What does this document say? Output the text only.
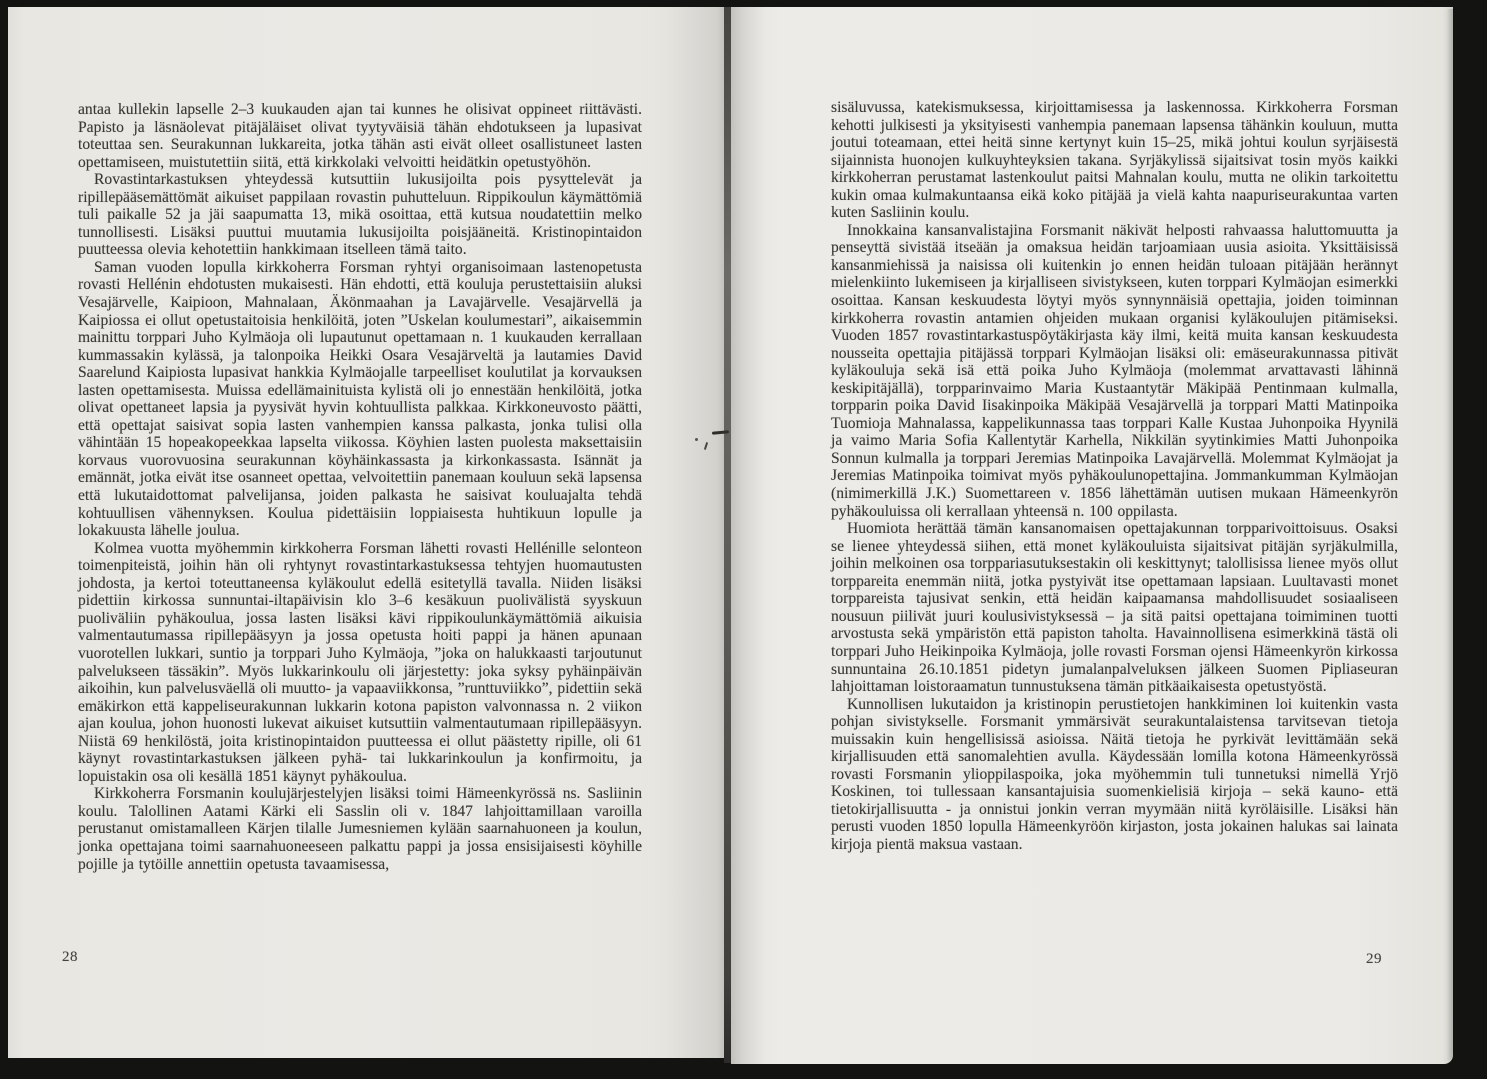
antaa kullekin lapselle 2–3 kuukauden ajan tai kunnes he olisivat oppineet riittävästi. Papisto ja läsnäolevat pitäjäläiset olivat tyytyväisiä tähän ehdotukseen ja lupasivat toteuttaa sen. Seurakunnan lukkareita, jotka tähän asti eivät olleet osallistuneet lasten opettamiseen, muistutettiin siitä, että kirkkolaki velvoitti heidätkin opetustyöhön.

Rovastintarkastuksen yhteydessä kutsuttiin lukusijoilta pois pysyttelevät ja ripillepääsemättömät aikuiset pappilaan rovastin puhutteluun. Rippikoulun käymättömiä tuli paikalle 52 ja jäi saapumatta 13, mikä osoittaa, että kutsua noudatettiin melko tunnollisesti. Lisäksi puuttui muutamia lukusijoilta poisjääneitä. Kristinopintaidon puutteessa olevia kehotettiin hankkimaan itselleen tämä taito.

Saman vuoden lopulla kirkkoherra Forsman ryhtyi organisoimaan lastenopetusta rovasti Hellénin ehdotusten mukaisesti. Hän ehdotti, että kouluja perustettaisiin aluksi Vesajärvelle, Kaipioon, Mahnalaan, Äkönmaahan ja Lavajärvelle. Vesajärvellä ja Kaipiossa ei ollut opetustaitoisia henkilöitä, joten ”Uskelan koulumestari”, aikaisemmin mainittu torppari Juho Kylmäoja oli lupautunut opettamaan n. 1 kuukauden kerrallaan kummassakin kylässä, ja talonpoika Heikki Osara Vesajärveltä ja lautamies David Saarelund Kaipiosta lupasivat hankkia Kylmäojalle tarpeelliset koulutilat ja korvauksen lasten opettamisesta. Muissa edellämainituista kylistä oli jo ennestään henkilöitä, jotka olivat opettaneet lapsia ja pyysivät hyvin kohtuullista palkkaa. Kirkkoneuvosto päätti, että opettajat saisivat sopia lasten vanhempien kanssa palkasta, jonka tulisi olla vähintään 15 hopeakopeekkaa lapselta viikossa. Köyhien lasten puolesta maksettaisiin korvaus vuorovuosina seurakunnan köyhäinkassasta ja kirkonkassasta. Isännät ja emännät, jotka eivät itse osanneet opettaa, velvoitettiin panemaan kouluun sekä lapsensa että lukutaidottomat palvelijansa, joiden palkasta he saisivat kouluajalta tehdä kohtuullisen vähennyksen. Koulua pidettäisiin loppiaisesta huhtikuun lopulle ja lokakuusta lähelle joulua.

Kolmea vuotta myöhemmin kirkkoherra Forsman lähetti rovasti Hellénille selonteon toimenpiteistä, joihin hän oli ryhtynyt rovastintarkastuksessa tehtyjen huomautusten johdosta, ja kertoi toteuttaneensa kyläkoulut edellä esitetyllä tavalla. Niiden lisäksi pidettiin kirkossa sunnuntai-iltapäivisin klo 3–6 kesäkuun puolivälistä syyskuun puoliväliin pyhäkoulua, jossa lasten lisäksi kävi rippikoulunkäymättömiä aikuisia valmentautumassa ripillepääsyyn ja jossa opetusta hoiti pappi ja hänen apunaan vuorotellen lukkari, suntio ja torppari Juho Kylmäoja, ”joka on halukkaasti tarjoutunut palvelukseen tässäkin”. Myös lukkarinkoulu oli järjestetty: joka syksy pyhäinpäivän aikoihin, kun palvelusväellä oli muutto- ja vapaaviikkonsa, ”runttuviikko”, pidettiin sekä emäkirkon että kappeliseurakunnan lukkarin kotona papiston valvonnassa n. 2 viikon ajan koulua, johon huonosti lukevat aikuiset kutsuttiin valmentautumaan ripillepääsyyn. Niistä 69 henkilöstä, joita kristinopintaidon puutteessa ei ollut päästetty ripille, oli 61 käynyt rovastintarkastuksen jälkeen pyhä- tai lukkarinkoulun ja konfirmoitu, ja lopuistakin osa oli kesällä 1851 käynyt pyhäkoulua.

Kirkkoherra Forsmanin koulujärjestelyjen lisäksi toimi Hämeenkyrössä ns. Sasliinin koulu. Talollinen Aatami Kärki eli Sasslin oli v. 1847 lahjoittamillaan varoilla perustanut omistamalleen Kärjen tilalle Jumesniemen kylään saarnahuoneen ja koulun, jonka opettajana toimi saarnahuoneeseen palkattu pappi ja jossa ensisijaisesti köyhille pojille ja tytöille annettiin opetusta tavaamisessa,

28

sisäluvussa, katekismuksessa, kirjoittamisessa ja laskennossa. Kirkkoherra Forsman kehotti julkisesti ja yksityisesti vanhempia panemaan lapsensa tähänkin kouluun, mutta joutui toteamaan, ettei heitä sinne kertynyt kuin 15–25, mikä johtui koulun syrjäisestä sijainnista huonojen kulkuyhteyksien takana. Syrjäkylissä sijaitsivat tosin myös kaikki kirkkoherran perustamat lastenkoulut paitsi Mahnalan koulu, mutta ne olikin tarkoitettu kukin omaa kulmakuntaansa eikä koko pitäjää ja vielä kahta naapuriseurakuntaa varten kuten Sasliinin koulu.

Innokkaina kansanvalistajina Forsmanit näkivät helposti rahvaassa haluttomuutta ja penseyttä sivistää itseään ja omaksua heidän tarjoamiaan uusia asioita. Yksittäisissä kansanmiehissä ja naisissa oli kuitenkin jo ennen heidän tuloaan pitäjään herännyt mielenkiinto lukemiseen ja kirjalliseen sivistykseen, kuten torppari Kylmäojan esimerkki osoittaa. Kansan keskuudesta löytyi myös synnynnäisiä opettajia, joiden toiminnan kirkkoherra rovastin antamien ohjeiden mukaan organisi kyläkoulujen pitämiseksi. Vuoden 1857 rovastintarkastuspöytäkirjasta käy ilmi, keitä muita kansan keskuudesta nousseita opettajia pitäjässä torppari Kylmäojan lisäksi oli: emäseurakunnassa pitivät kyläkouluja sekä isä että poika Juho Kylmäoja (molemmat arvattavasti lähinnä keskipitäjällä), torpparinvaimo Maria Kustaantytär Mäkipää Pentinmaan kulmalla, torpparin poika David Iisakinpoika Mäkipää Vesajärvellä ja torppari Matti Matinpoika Tuomioja Mahnalassa, kappelikunnassa taas torppari Kalle Kustaa Juhonpoika Hyynilä ja vaimo Maria Sofia Kallentytär Karhella, Nikkilän syytinkimies Matti Juhonpoika Sonnun kulmalla ja torppari Jeremias Matinpoika Lavajärvellä. Molemmat Kylmäojat ja Jeremias Matinpoika toimivat myös pyhäkoulunopettajina. Jommankumman Kylmäojan (nimimerkillä J.K.) Suomettareen v. 1856 lähettämän uutisen mukaan Hämeenkyrön pyhäkouluissa oli kerrallaan yhteensä n. 100 oppilasta.

Huomiota herättää tämän kansanomaisen opettajakunnan torpparivoittoisuus. Osaksi se lienee yhteydessä siihen, että monet kyläkouluista sijaitsivat pitäjän syrjäkulmilla, joihin melkoinen osa torppariasutuksestakin oli keskittynyt; talollisissa lienee myös ollut torppareita enemmän niitä, jotka pystyivät itse opettamaan lapsiaan. Luultavasti monet torppareista tajusivat senkin, että heidän kaipaamansa mahdollisuudet sosiaaliseen nousuun piilivät juuri koulusivistyksessä – ja sitä paitsi opettajana toimiminen tuotti arvostusta sekä ympäristön että papiston taholta. Havainnollisena esimerkkinä tästä oli torppari Juho Heikinpoika Kylmäoja, jolle rovasti Forsman ojensi Hämeenkyrön kirkossa sunnuntaina 26.10.1851 pidetyn jumalanpalveluksen jälkeen Suomen Pipliaseuran lahjoittaman loistoraamatun tunnustuksena tämän pitkäaikaisesta opetustyöstä.

Kunnollisen lukutaidon ja kristinopin perustietojen hankkiminen loi kuitenkin vasta pohjan sivistykselle. Forsmanit ymmärsivät seurakuntalaistensa tarvitsevan tietoja muissakin kuin hengellisissä asioissa. Näitä tietoja he pyrkivät levittämään sekä kirjallisuuden että sanomalehtien avulla. Käydessään lomilla kotona Hämeenkyrössä rovasti Forsmanin ylioppilaspoika, joka myöhemmin tuli tunnetuksi nimellä Yrjö Koskinen, toi tullessaan kansantajuisia suomenkielisiä kirjoja – sekä kauno- että tietokirjallisuutta - ja onnistui jonkin verran myymään niitä kyröläisille. Lisäksi hän perusti vuoden 1850 lopulla Hämeenkyröön kirjaston, josta jokainen halukas sai lainata kirjoja pientä maksua vastaan.

29
